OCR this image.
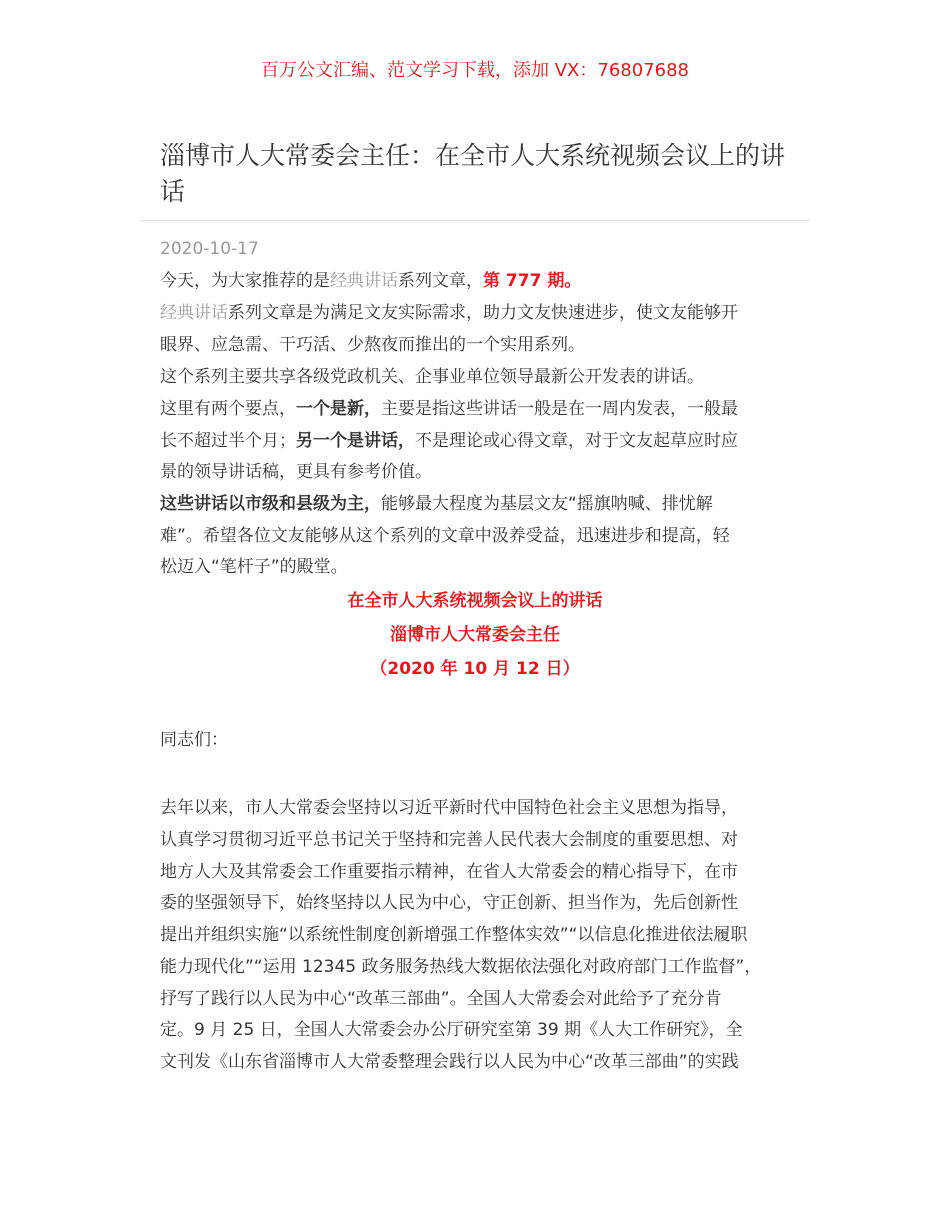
百万公文汇编、范文学习下载，添加 VX：76807688
淄博市人大常委会主任：在全市人大系统视频会议上的讲话
2020-10-17
今天，为大家推荐的是经典讲话系列文章，第 777 期。
经典讲话系列文章是为满足文友实际需求，助力文友快速进步，使文友能够开
眼界、应急需、干巧活、少熬夜而推出的一个实用系列。
这个系列主要共享各级党政机关、企事业单位领导最新公开发表的讲话。
这里有两个要点，一个是新，主要是指这些讲话一般是在一周内发表，一般最
长不超过半个月；另一个是讲话，不是理论或心得文章，对于文友起草应时应
景的领导讲话稿，更具有参考价值。
这些讲话以市级和县级为主，能够最大程度为基层文友“摇旗呐喊、排忧解
难”。希望各位文友能够从这个系列的文章中汲养受益，迅速进步和提高，轻
松迈入“笔杆子”的殿堂。
在全市人大系统视频会议上的讲话
淄博市人大常委会主任
（2020 年 10 月 12 日）
同志们：
去年以来，市人大常委会坚持以习近平新时代中国特色社会主义思想为指导，
认真学习贯彻习近平总书记关于坚持和完善人民代表大会制度的重要思想、对
地方人大及其常委会工作重要指示精神，在省人大常委会的精心指导下，在市
委的坚强领导下，始终坚持以人民为中心，守正创新、担当作为，先后创新性
提出并组织实施“以系统性制度创新增强工作整体实效”“以信息化推进依法履职
能力现代化”“运用 12345 政务服务热线大数据依法强化对政府部门工作监督”，
抒写了践行以人民为中心“改革三部曲”。全国人大常委会对此给予了充分肯
定。9 月 25 日，全国人大常委会办公厅研究室第 39 期《人大工作研究》，全
文刊发《山东省淄博市人大常委整理会践行以人民为中心“改革三部曲”的实践
